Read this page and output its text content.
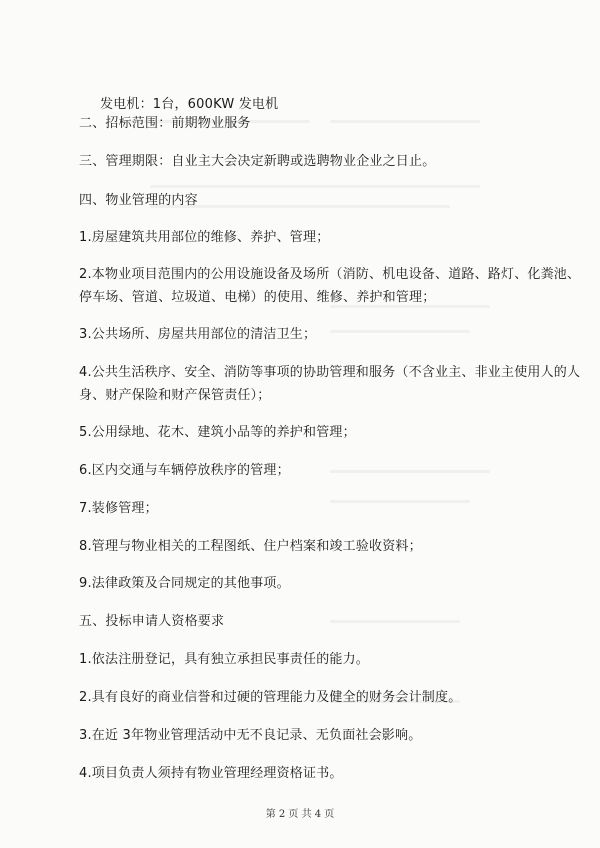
发电机：1台，600KW 发电机
二、招标范围：前期物业服务
三、管理期限：自业主大会决定新聘或选聘物业企业之日止。
四、物业管理的内容
1.房屋建筑共用部位的维修、养护、管理；
2.本物业项目范围内的公用设施设备及场所（消防、机电设备、道路、路灯、化粪池、
停车场、管道、垃圾道、电梯）的使用、维修、养护和管理；
3.公共场所、房屋共用部位的清洁卫生；
4.公共生活秩序、安全、消防等事项的协助管理和服务（不含业主、非业主使用人的人
身、财产保险和财产保管责任）；
5.公用绿地、花木、建筑小品等的养护和管理；
6.区内交通与车辆停放秩序的管理；
7.装修管理；
8.管理与物业相关的工程图纸、住户档案和竣工验收资料；
9.法律政策及合同规定的其他事项。
五、投标申请人资格要求
1.依法注册登记，具有独立承担民事责任的能力。
2.具有良好的商业信誉和过硬的管理能力及健全的财务会计制度。
3.在近 3年物业管理活动中无不良记录、无负面社会影响。
4.项目负责人须持有物业管理经理资格证书。
第 2 页 共 4 页
